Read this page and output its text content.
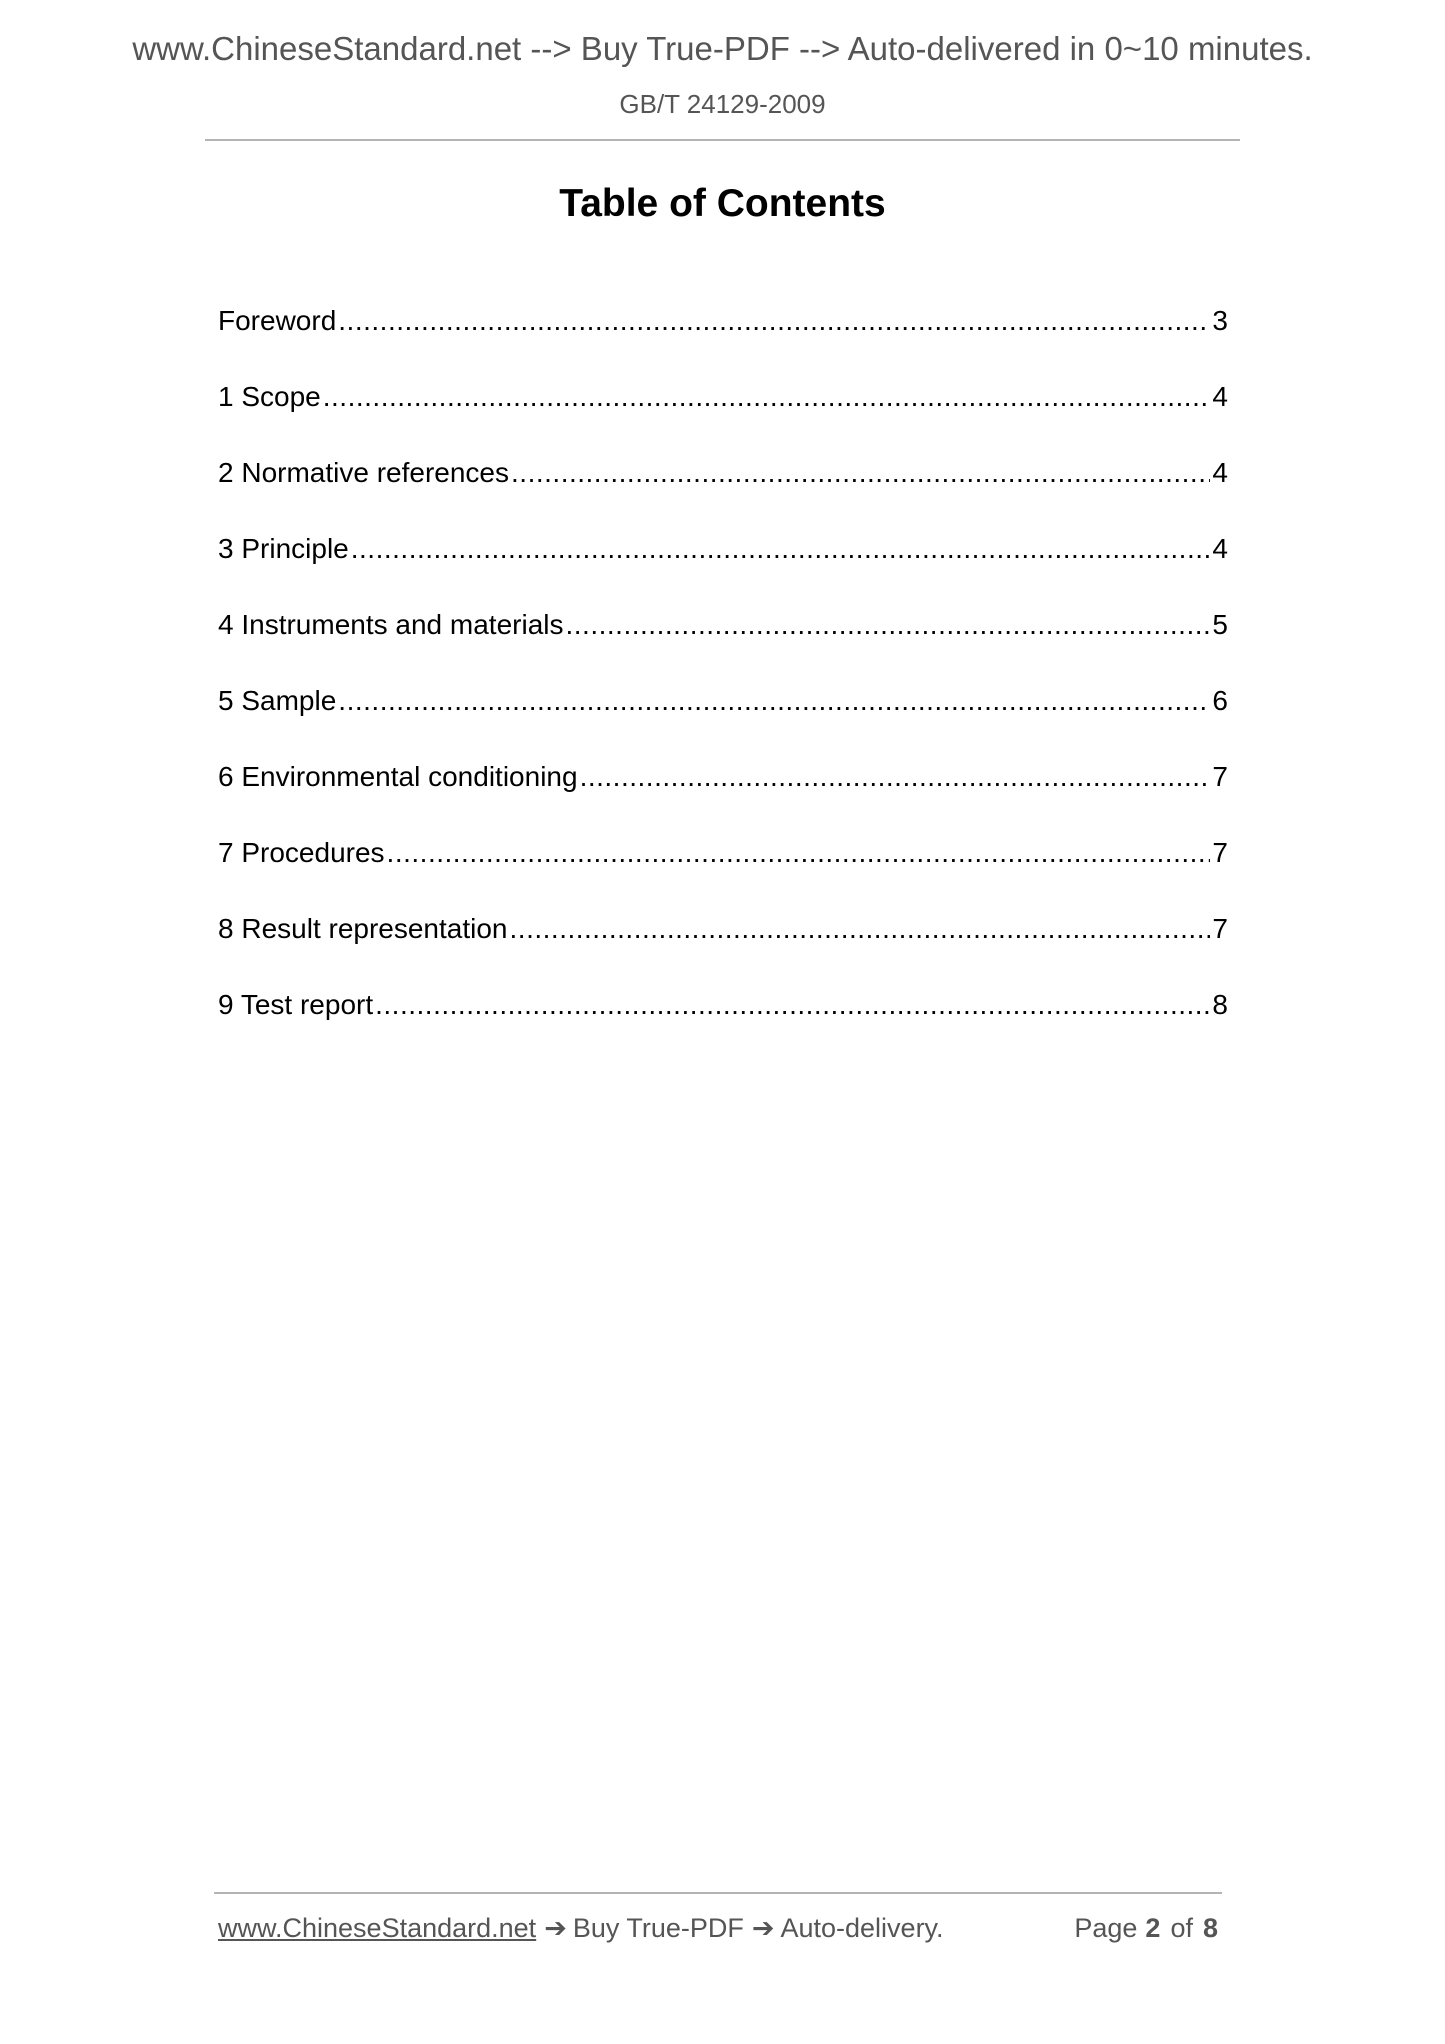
www.ChineseStandard.net --> Buy True-PDF --> Auto-delivered in 0~10 minutes.
GB/T 24129-2009
Table of Contents
Foreword .....	3
1 Scope .....	4
2 Normative references .....	4
3 Principle .....	4
4 Instruments and materials .....	5
5 Sample .....	6
6 Environmental conditioning .....	7
7 Procedures .....	7
8 Result representation .....	7
9 Test report .....	8
www.ChineseStandard.net ➔ Buy True-PDF ➔ Auto-delivery.	Page 2 of 8
